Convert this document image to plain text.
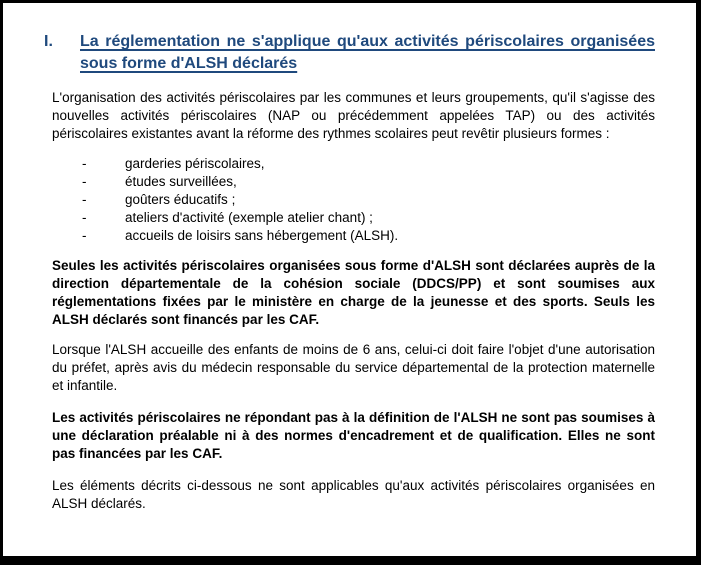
I.	La réglementation ne s'applique qu'aux activités périscolaires organisées sous forme d'ALSH déclarés

L'organisation des activités périscolaires par les communes et leurs groupements, qu'il s'agisse des nouvelles activités périscolaires (NAP ou précédemment appelées TAP) ou des activités périscolaires existantes avant la réforme des rythmes scolaires peut revêtir plusieurs formes :

-	garderies périscolaires,
-	études surveillées,
-	goûters éducatifs ;
-	ateliers d'activité (exemple atelier chant) ;
-	accueils de loisirs sans hébergement (ALSH).

Seules les activités périscolaires organisées sous forme d'ALSH sont déclarées auprès de la direction départementale de la cohésion sociale (DDCS/PP) et sont soumises aux réglementations fixées par le ministère en charge de la jeunesse et des sports. Seuls les ALSH déclarés sont financés par les CAF.

Lorsque l'ALSH accueille des enfants de moins de 6 ans, celui-ci doit faire l'objet d'une autorisation du préfet, après avis du médecin responsable du service départemental de la protection maternelle et infantile.

Les activités périscolaires ne répondant pas à la définition de l'ALSH ne sont pas soumises à une déclaration préalable ni à des normes d'encadrement et de qualification. Elles ne sont pas financées par les CAF.

Les éléments décrits ci-dessous ne sont applicables qu'aux activités périscolaires organisées en ALSH déclarés.
